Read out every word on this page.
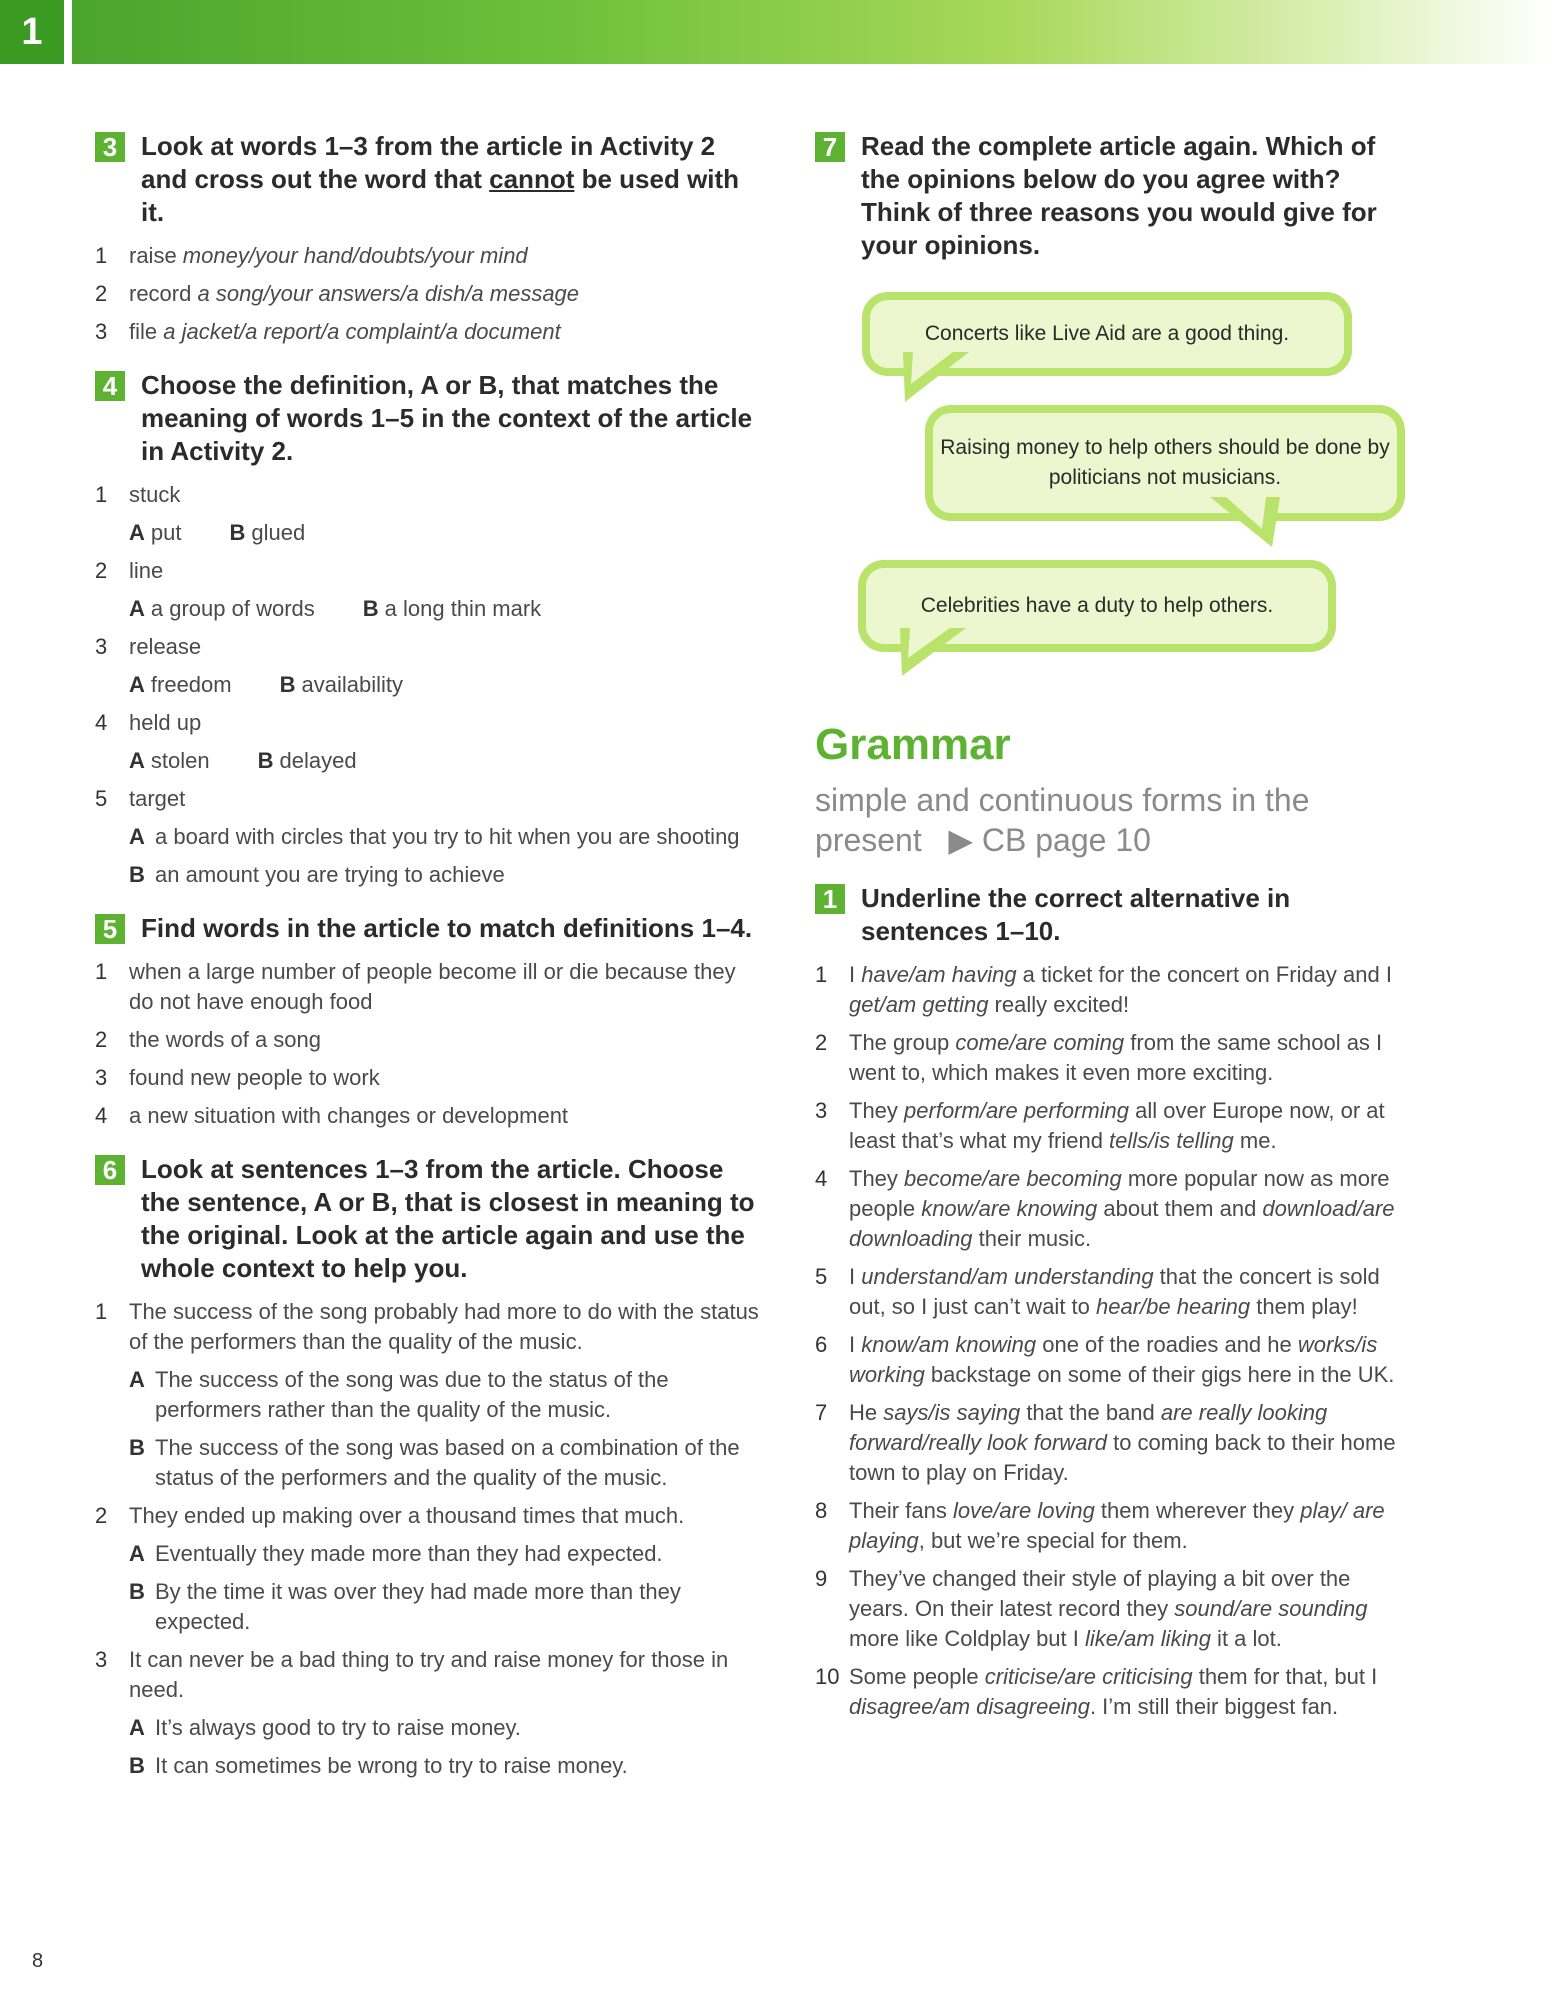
1
3 Look at words 1–3 from the article in Activity 2 and cross out the word that cannot be used with it.
1 raise money/your hand/doubts/your mind
2 record a song/your answers/a dish/a message
3 file a jacket/a report/a complaint/a document
4 Choose the definition, A or B, that matches the meaning of words 1–5 in the context of the article in Activity 2.
1 stuck
A put B glued
2 line
A a group of words B a long thin mark
3 release
A freedom B availability
4 held up
A stolen B delayed
5 target
A a board with circles that you try to hit when you are shooting
B an amount you are trying to achieve
5 Find words in the article to match definitions 1–4.
1 when a large number of people become ill or die because they do not have enough food
2 the words of a song
3 found new people to work
4 a new situation with changes or development
6 Look at sentences 1–3 from the article. Choose the sentence, A or B, that is closest in meaning to the original. Look at the article again and use the whole context to help you.
1 The success of the song probably had more to do with the status of the performers than the quality of the music.
A The success of the song was due to the status of the performers rather than the quality of the music.
B The success of the song was based on a combination of the status of the performers and the quality of the music.
2 They ended up making over a thousand times that much.
A Eventually they made more than they had expected.
B By the time it was over they had made more than they expected.
3 It can never be a bad thing to try and raise money for those in need.
A It’s always good to try to raise money.
B It can sometimes be wrong to try to raise money.
7 Read the complete article again. Which of the opinions below do you agree with? Think of three reasons you would give for your opinions.
Concerts like Live Aid are a good thing.
Raising money to help others should be done by politicians not musicians.
Celebrities have a duty to help others.
Grammar
simple and continuous forms in the present ▶ CB page 10
1 Underline the correct alternative in sentences 1–10.
1 I have/am having a ticket for the concert on Friday and I get/am getting really excited!
2 The group come/are coming from the same school as I went to, which makes it even more exciting.
3 They perform/are performing all over Europe now, or at least that’s what my friend tells/is telling me.
4 They become/are becoming more popular now as more people know/are knowing about them and download/are downloading their music.
5 I understand/am understanding that the concert is sold out, so I just can’t wait to hear/be hearing them play!
6 I know/am knowing one of the roadies and he works/is working backstage on some of their gigs here in the UK.
7 He says/is saying that the band are really looking forward/really look forward to coming back to their home town to play on Friday.
8 Their fans love/are loving them wherever they play/ are playing, but we’re special for them.
9 They’ve changed their style of playing a bit over the years. On their latest record they sound/are sounding more like Coldplay but I like/am liking it a lot.
10 Some people criticise/are criticising them for that, but I disagree/am disagreeing. I’m still their biggest fan.
8
